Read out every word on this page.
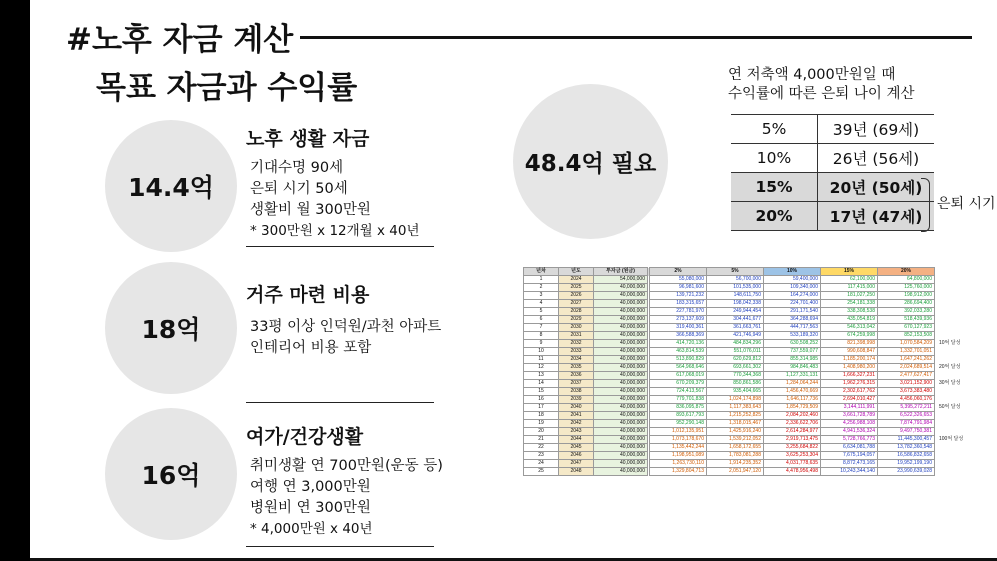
#노후 자금 계산
목표 자금과 수익률
14.4억
노후 생활 자금
기대수명 90세
은퇴 시기 50세
생활비 월 300만원
* 300만원 x 12개월 x 40년
18억
거주 마련 비용
33평 이상 인덕원/과천 아파트
인테리어 비용 포함
16억
여가/건강생활
취미생활 연 700만원(운동 등)
여행 연 3,000만원
병원비 연 300만원
* 4,000만원 x 40년
48.4억 필요
연 저축액 4,000만원일 때
수익률에 따른 은퇴 나이 계산
5%	39년 (69세)
10%	26년 (56세)
15%	20년 (50세)
20%	17년 (47세)
은퇴 시기
년차	년도	투자금 (원금)		2%	5%	10%	15%	20%	
1	2024	54,000,000		55,080,000	56,700,000	59,400,000	62,100,000	64,800,000	
2	2025	40,000,000		96,981,600	101,535,000	109,340,000	117,415,000	125,760,000	
3	2026	40,000,000		139,721,232	148,611,750	164,274,000	181,027,250	198,912,000	
4	2027	40,000,000		183,315,657	198,042,338	224,701,400	254,181,338	286,694,400	
5	2028	40,000,000		227,781,970	249,944,454	291,171,540	338,308,538	392,033,280	
6	2029	40,000,000		273,137,609	304,441,677	364,288,694	435,054,819	518,439,936	
7	2030	40,000,000		319,400,361	361,663,761	444,717,563	546,313,042	670,127,923	
8	2031	40,000,000		366,588,369	421,746,949	533,189,320	674,259,998	852,153,508	
9	2032	40,000,000		414,720,136	484,834,296	630,508,252	821,398,998	1,070,584,209	10억 달성
10	2033	40,000,000		463,814,539	551,076,011	737,559,077	990,608,847	1,332,701,051	
11	2034	40,000,000		513,890,829	620,629,812	855,314,985	1,185,200,174	1,647,241,262	
12	2035	40,000,000		564,968,646	693,661,302	984,846,483	1,408,980,200	2,024,689,514	20억 달성
13	2036	40,000,000		617,068,019	770,344,368	1,127,331,131	1,666,327,231	2,477,627,417	
14	2037	40,000,000		670,209,379	850,861,586	1,284,064,244	1,962,276,315	3,021,152,900	30억 달성
15	2038	40,000,000		724,413,567	935,404,665	1,456,470,669	2,302,617,762	3,673,383,480	
16	2039	40,000,000		779,701,838	1,024,174,898	1,646,117,736	2,694,010,427	4,456,060,176	
17	2040	40,000,000		836,095,875	1,117,383,643	1,854,729,509	3,144,111,991	5,395,272,211	50억 달성
18	2041	40,000,000		893,617,793	1,215,252,825	2,084,202,460	3,661,728,789	6,522,326,653	
19	2042	40,000,000		952,290,148	1,318,015,467	2,336,622,706	4,256,988,108	7,874,791,984	
20	2043	40,000,000		1,012,135,951	1,425,916,240	2,614,284,977	4,941,536,324	9,497,750,381	
21	2044	40,000,000		1,073,178,670	1,539,212,052	2,919,713,475	5,728,766,773	11,445,300,457	100억 달성
22	2045	40,000,000		1,135,442,244	1,658,172,655	3,255,684,822	6,634,081,788	13,782,360,548	
23	2046	40,000,000		1,198,951,089	1,783,081,288	3,625,253,304	7,675,194,057	16,586,832,658	
24	2047	40,000,000		1,263,730,110	1,914,235,352	4,031,778,635	8,872,473,165	19,952,199,190	
25	2048	40,000,000		1,329,804,713	2,051,947,120	4,478,956,498	10,243,344,140	23,990,639,028	
